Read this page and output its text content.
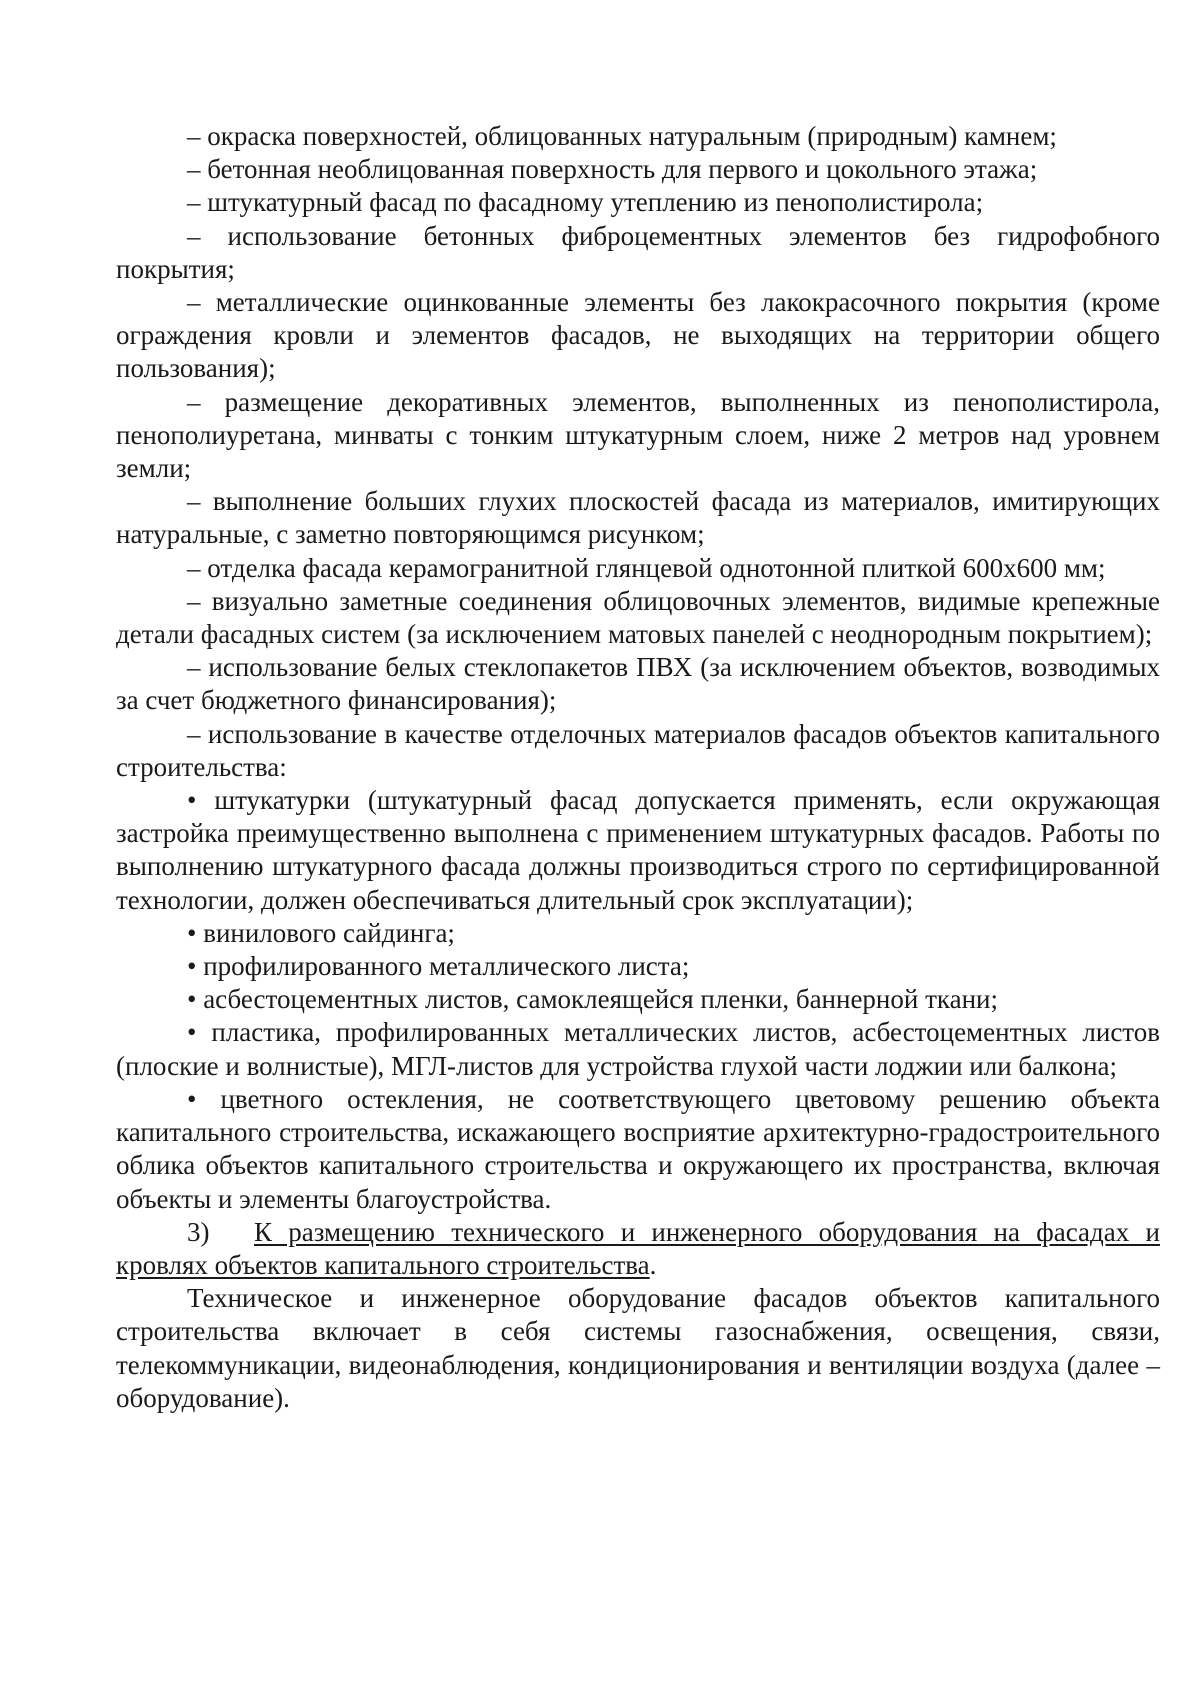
– окраска поверхностей, облицованных натуральным (природным) камнем;

– бетонная необлицованная поверхность для первого и цокольного этажа;

– штукатурный фасад по фасадному утеплению из пенополистирола;

– использование бетонных фиброцементных элементов без гидрофобного покрытия;

– металлические оцинкованные элементы без лакокрасочного покрытия (кроме ограждения кровли и элементов фасадов, не выходящих на территории общего пользования);

– размещение декоративных элементов, выполненных из пенополистирола, пенополиуретана, минваты с тонким штукатурным слоем, ниже 2 метров над уровнем земли;

– выполнение больших глухих плоскостей фасада из материалов, имитирующих натуральные, с заметно повторяющимся рисунком;

– отделка фасада керамогранитной глянцевой однотонной плиткой 600х600 мм;

– визуально заметные соединения облицовочных элементов, видимые крепежные детали фасадных систем (за исключением матовых панелей с неоднородным покрытием);

– использование белых стеклопакетов ПВХ (за исключением объектов, возводимых за счет бюджетного финансирования);

– использование в качестве отделочных материалов фасадов объектов капитального строительства:

• штукатурки (штукатурный фасад допускается применять, если окружающая застройка преимущественно выполнена с применением штукатурных фасадов. Работы по выполнению штукатурного фасада должны производиться строго по сертифицированной технологии, должен обеспечиваться длительный срок эксплуатации);

• винилового сайдинга;

• профилированного металлического листа;

• асбестоцементных листов, самоклеящейся пленки, баннерной ткани;

• пластика, профилированных металлических листов, асбестоцементных листов (плоские и волнистые), МГЛ-листов для устройства глухой части лоджии или балкона;

• цветного остекления, не соответствующего цветовому решению объекта капитального строительства, искажающего восприятие архитектурно-градостроительного облика объектов капитального строительства и окружающего их пространства, включая объекты и элементы благоустройства.

3) К размещению технического и инженерного оборудования на фасадах и кровлях объектов капитального строительства.

Техническое и инженерное оборудование фасадов объектов капитального строительства включает в себя системы газоснабжения, освещения, связи, телекоммуникации, видеонаблюдения, кондиционирования и вентиляции воздуха (далее – оборудование).
